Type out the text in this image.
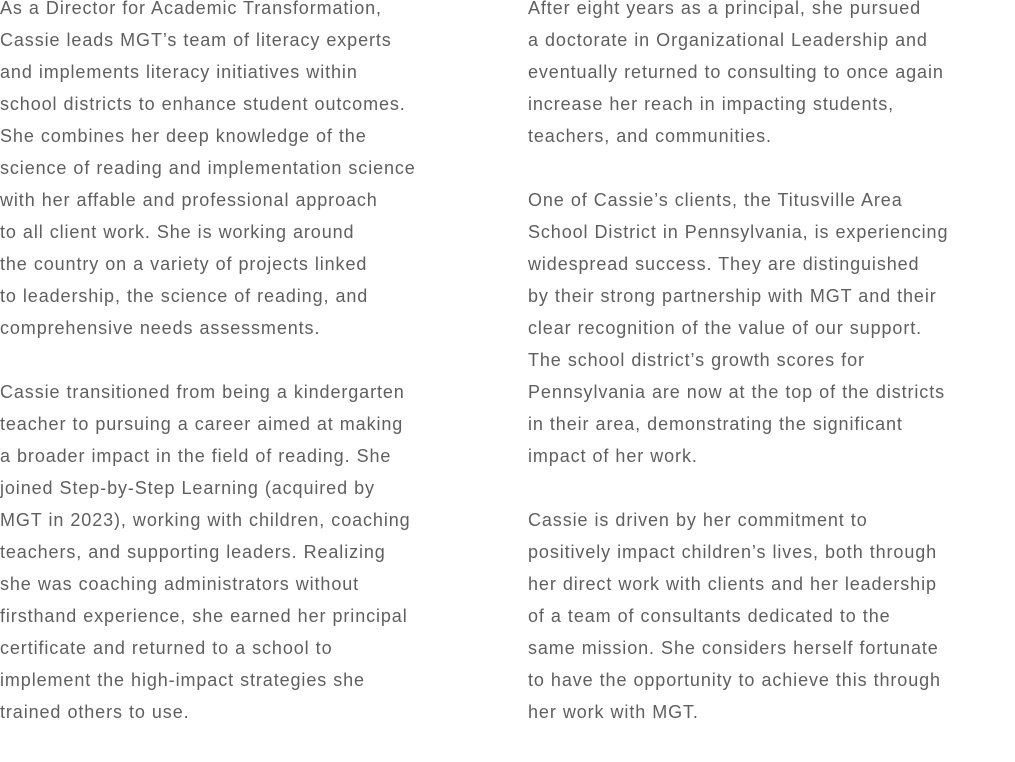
As a Director for Academic Transformation,
Cassie leads MGT’s team of literacy experts
and implements literacy initiatives within
school districts to enhance student outcomes.
She combines her deep knowledge of the
science of reading and implementation science
with her affable and professional approach
to all client work. She is working around
the country on a variety of projects linked
to leadership, the science of reading, and
comprehensive needs assessments.

Cassie transitioned from being a kindergarten
teacher to pursuing a career aimed at making
a broader impact in the field of reading. She
joined Step-by-Step Learning (acquired by
MGT in 2023), working with children, coaching
teachers, and supporting leaders. Realizing
she was coaching administrators without
firsthand experience, she earned her principal
certificate and returned to a school to
implement the high-impact strategies she
trained others to use.

After eight years as a principal, she pursued
a doctorate in Organizational Leadership and
eventually returned to consulting to once again
increase her reach in impacting students,
teachers, and communities.

One of Cassie’s clients, the Titusville Area
School District in Pennsylvania, is experiencing
widespread success. They are distinguished
by their strong partnership with MGT and their
clear recognition of the value of our support.
The school district’s growth scores for
Pennsylvania are now at the top of the districts
in their area, demonstrating the significant
impact of her work.

Cassie is driven by her commitment to
positively impact children’s lives, both through
her direct work with clients and her leadership
of a team of consultants dedicated to the
same mission. She considers herself fortunate
to have the opportunity to achieve this through
her work with MGT.
